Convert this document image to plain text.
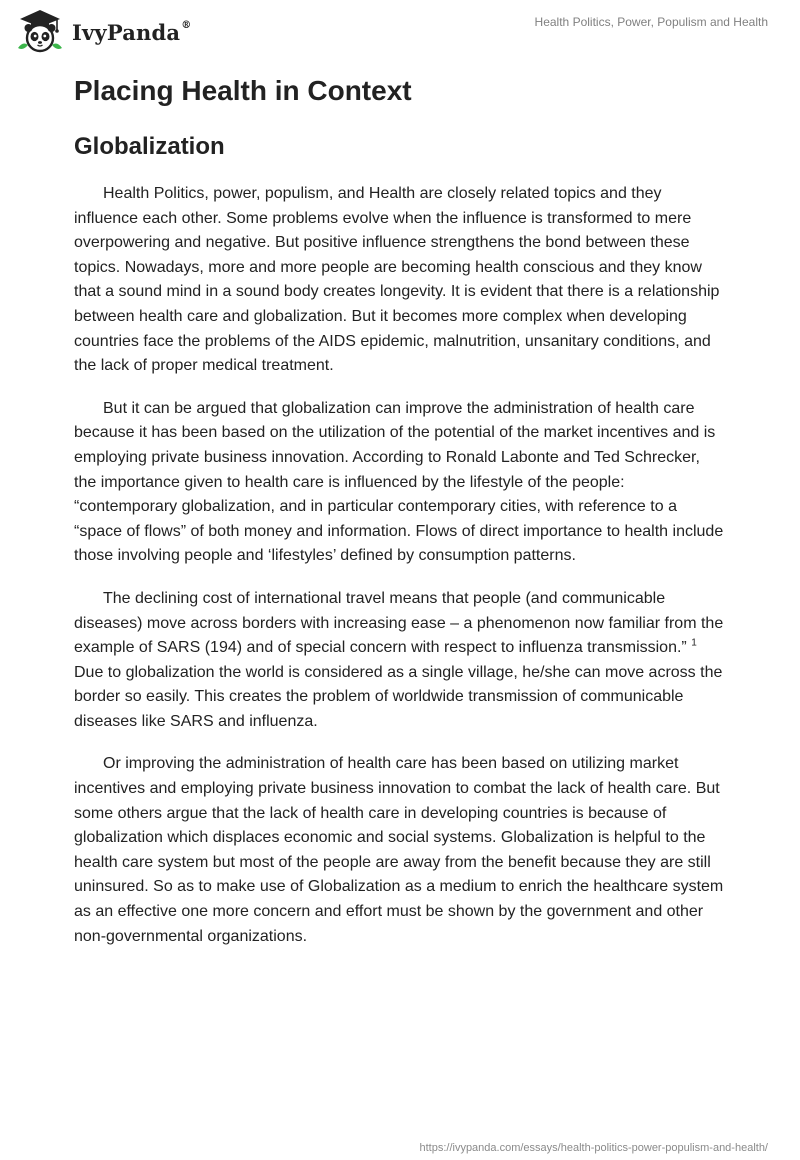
IvyPanda®	Health Politics, Power, Populism and Health
Placing Health in Context
Globalization

Health Politics, power, populism, and Health are closely related topics and they influence each other. Some problems evolve when the influence is transformed to mere overpowering and negative. But positive influence strengthens the bond between these topics. Nowadays, more and more people are becoming health conscious and they know that a sound mind in a sound body creates longevity. It is evident that there is a relationship between health care and globalization. But it becomes more complex when developing countries face the problems of the AIDS epidemic, malnutrition, unsanitary conditions, and the lack of proper medical treatment.

But it can be argued that globalization can improve the administration of health care because it has been based on the utilization of the potential of the market incentives and is employing private business innovation. According to Ronald Labonte and Ted Schrecker, the importance given to health care is influenced by the lifestyle of the people: “contemporary globalization, and in particular contemporary cities, with reference to a “space of flows” of both money and information. Flows of direct importance to health include those involving people and ‘lifestyles’ defined by consumption patterns.

The declining cost of international travel means that people (and communicable diseases) move across borders with increasing ease – a phenomenon now familiar from the example of SARS (194) and of special concern with respect to influenza transmission.” $^1$ Due to globalization the world is considered as a single village, he/she can move across the border so easily. This creates the problem of worldwide transmission of communicable diseases like SARS and influenza.

Or improving the administration of health care has been based on utilizing market incentives and employing private business innovation to combat the lack of health care. But some others argue that the lack of health care in developing countries is because of globalization which displaces economic and social systems. Globalization is helpful to the health care system but most of the people are away from the benefit because they are still uninsured. So as to make use of Globalization as a medium to enrich the healthcare system as an effective one more concern and effort must be shown by the government and other non-governmental organizations.

https://ivypanda.com/essays/health-politics-power-populism-and-health/
